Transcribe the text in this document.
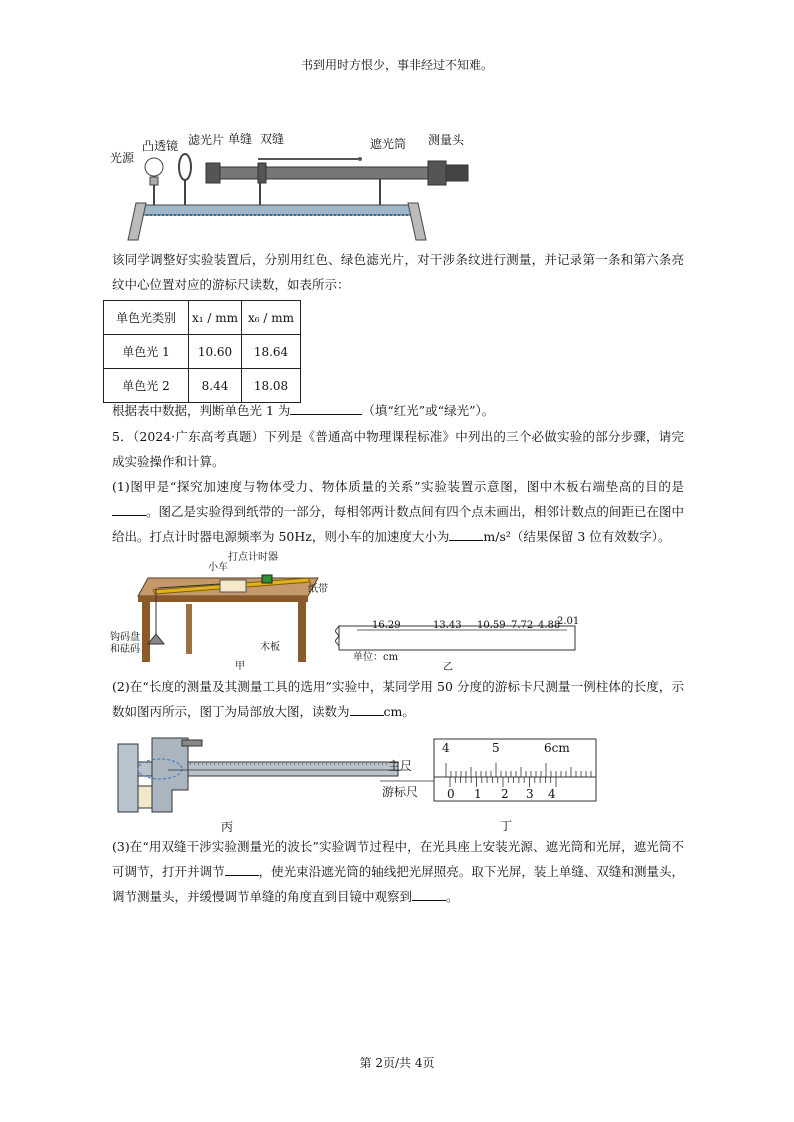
书到用时方恨少，事非经过不知难。
光源
凸透镜 滤光片 单缝 双缝	遮光筒 测量头
该同学调整好实验装置后，分别用红色、绿色滤光片，对干涉条纹进行测量，并记录第一条和第六条亮纹中心位置对应的游标尺读数，如表所示：
单色光类别	x₁ / mm	x₆ / mm
单色光 1	10.60	18.64
单色光 2	8.44	18.08
根据表中数据，判断单色光 1 为	（填“红光”或“绿光”）。
5．（2024·广东高考真题）下列是《普通高中物理课程标准》中列出的三个必做实验的部分步骤，请完成实验操作和计算。
(1)图甲是“探究加速度与物体受力、物体质量的关系”实验装置示意图，图中木板右端垫高的目的是。图乙是实验得到纸带的一部分，每相邻两计数点间有四个点未画出，相邻计数点的间距已在图中给出。打点计时器电源频率为 50Hz，则小车的加速度大小为	m/s²（结果保留 3 位有效数字）。
小车
打点计时器
纸带
木板
钩码盘
和砝码
甲
16.29	13.43 10.59 7.72 4.88
2.01
单位：cm
乙
(2)在“长度的测量及其测量工具的选用”实验中，某同学用 50 分度的游标卡尺测量一例柱体的长度，示数如图丙所示，图丁为局部放大图，读数为	cm。
丙
4	5	6cm
0 1 2 3 4
主尺
游标尺
丁
(3)在“用双缝干涉实验测量光的波长”实验调节过程中，在光具座上安装光源、遮光筒和光屏，遮光筒不可调节，打开并调节	，使光束沿遮光筒的轴线把光屏照亮。取下光屏，装上单缝、双缝和测量头，调节测量头，并缓慢调节单缝的角度直到目镜中观察到	。
第 2页/共 4页
